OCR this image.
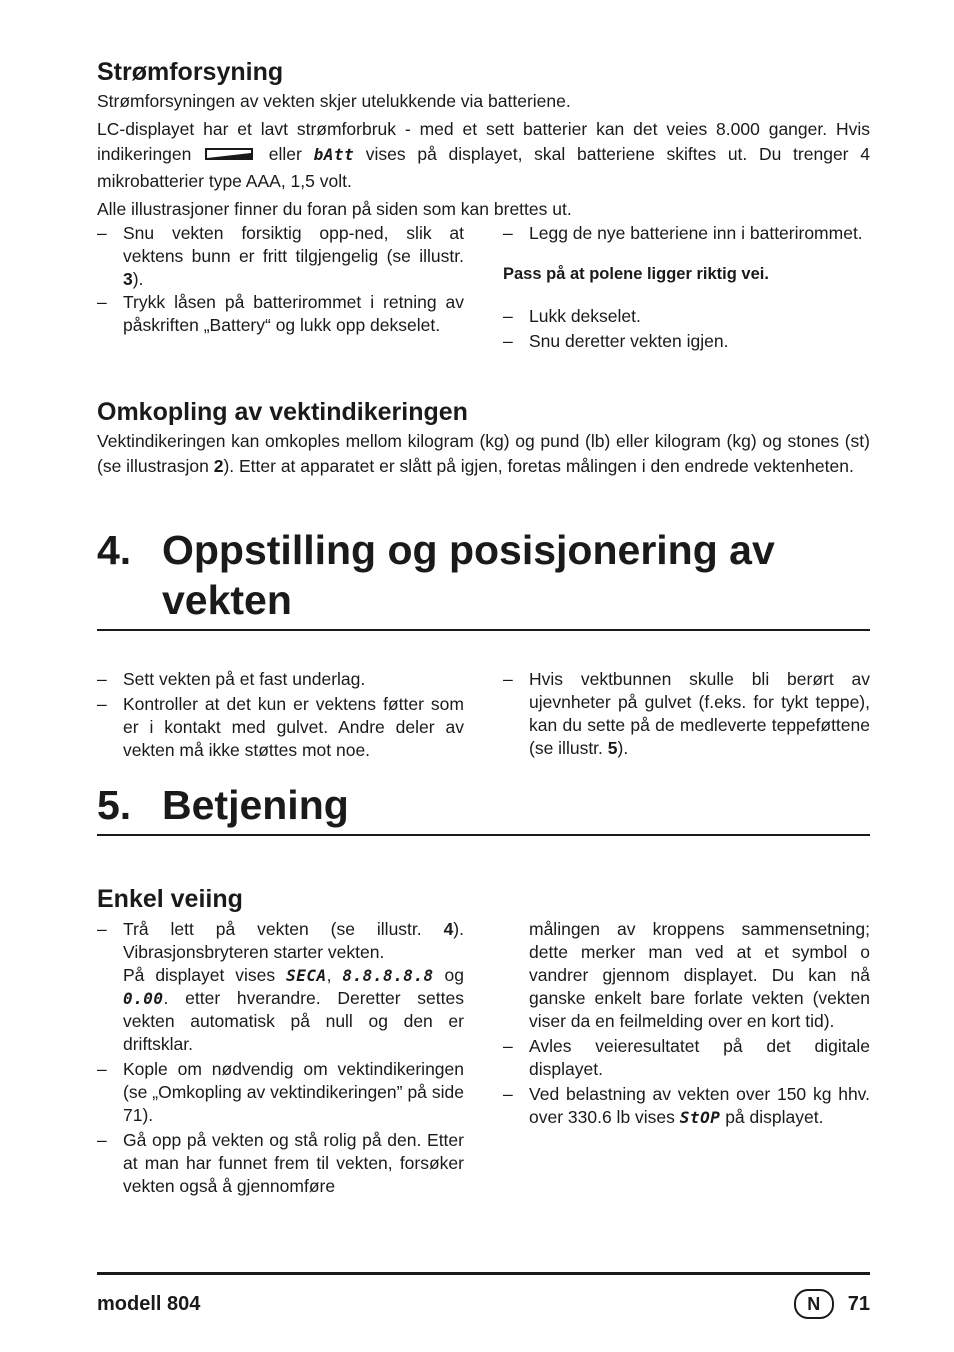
Strømforsyning

Strømforsyningen av vekten skjer utelukkende via batteriene.

LC-displayet har et lavt strømforbruk - med et sett batterier kan det veies 8.000 ganger. Hvis indikeringen	eller bAtt vises på displayet, skal batteriene skiftes ut. Du trenger 4 mikrobatterier type AAA, 1,5 volt.

Alle illustrasjoner finner du foran på siden som kan brettes ut.

– Snu vekten forsiktig opp-ned, slik at vektens bunn er fritt tilgjengelig (se illustr. 3).
– Trykk låsen på batterirommet i retning av påskriften „Battery“ og lukk opp dekselet.
– Legg de nye batteriene inn i batterirommet.

Pass på at polene ligger riktig vei.

– Lukk dekselet.
– Snu deretter vekten igjen.
Omkopling av vektindikeringen

Vektindikeringen kan omkoples mellom kilogram (kg) og pund (lb) eller kilogram (kg) og stones (st) (se illustrasjon 2). Etter at apparatet er slått på igjen, foretas målingen i den endrede vektenheten.

4. Oppstilling og posisjonering av vekten
– Sett vekten på et fast underlag.
– Kontroller at det kun er vektens føtter som er i kontakt med gulvet. Andre deler av vekten må ikke støttes mot noe.
– Hvis vektbunnen skulle bli berørt av ujevnheter på gulvet (f.eks. for tykt teppe), kan du sette på de medleverte teppeføttene (se illustr. 5).
5. Betjening
Enkel veiing
– Trå lett på vekten (se illustr. 4). Vibrasjonsbryteren starter vekten.
På displayet vises SECA, 8.8.8.8.8 og 0.00. etter hverandre. Deretter settes vekten automatisk på null og den er driftsklar.
– Kople om nødvendig om vektindikeringen (se „Omkopling av vektindikeringen” på side 71).
– Gå opp på vekten og stå rolig på den. Etter at man har funnet frem til vekten, forsøker vekten også å gjennomføre

målingen av kroppens sammensetning; dette merker man ved at et symbol o vandrer gjennom displayet. Du kan nå ganske enkelt bare forlate vekten (vekten viser da en feilmelding over en kort tid).

– Avles veieresultatet på det digitale displayet.
– Ved belastning av vekten over 150 kg hhv. over 330.6 lb vises StOP på displayet.
modell 804	N	71
